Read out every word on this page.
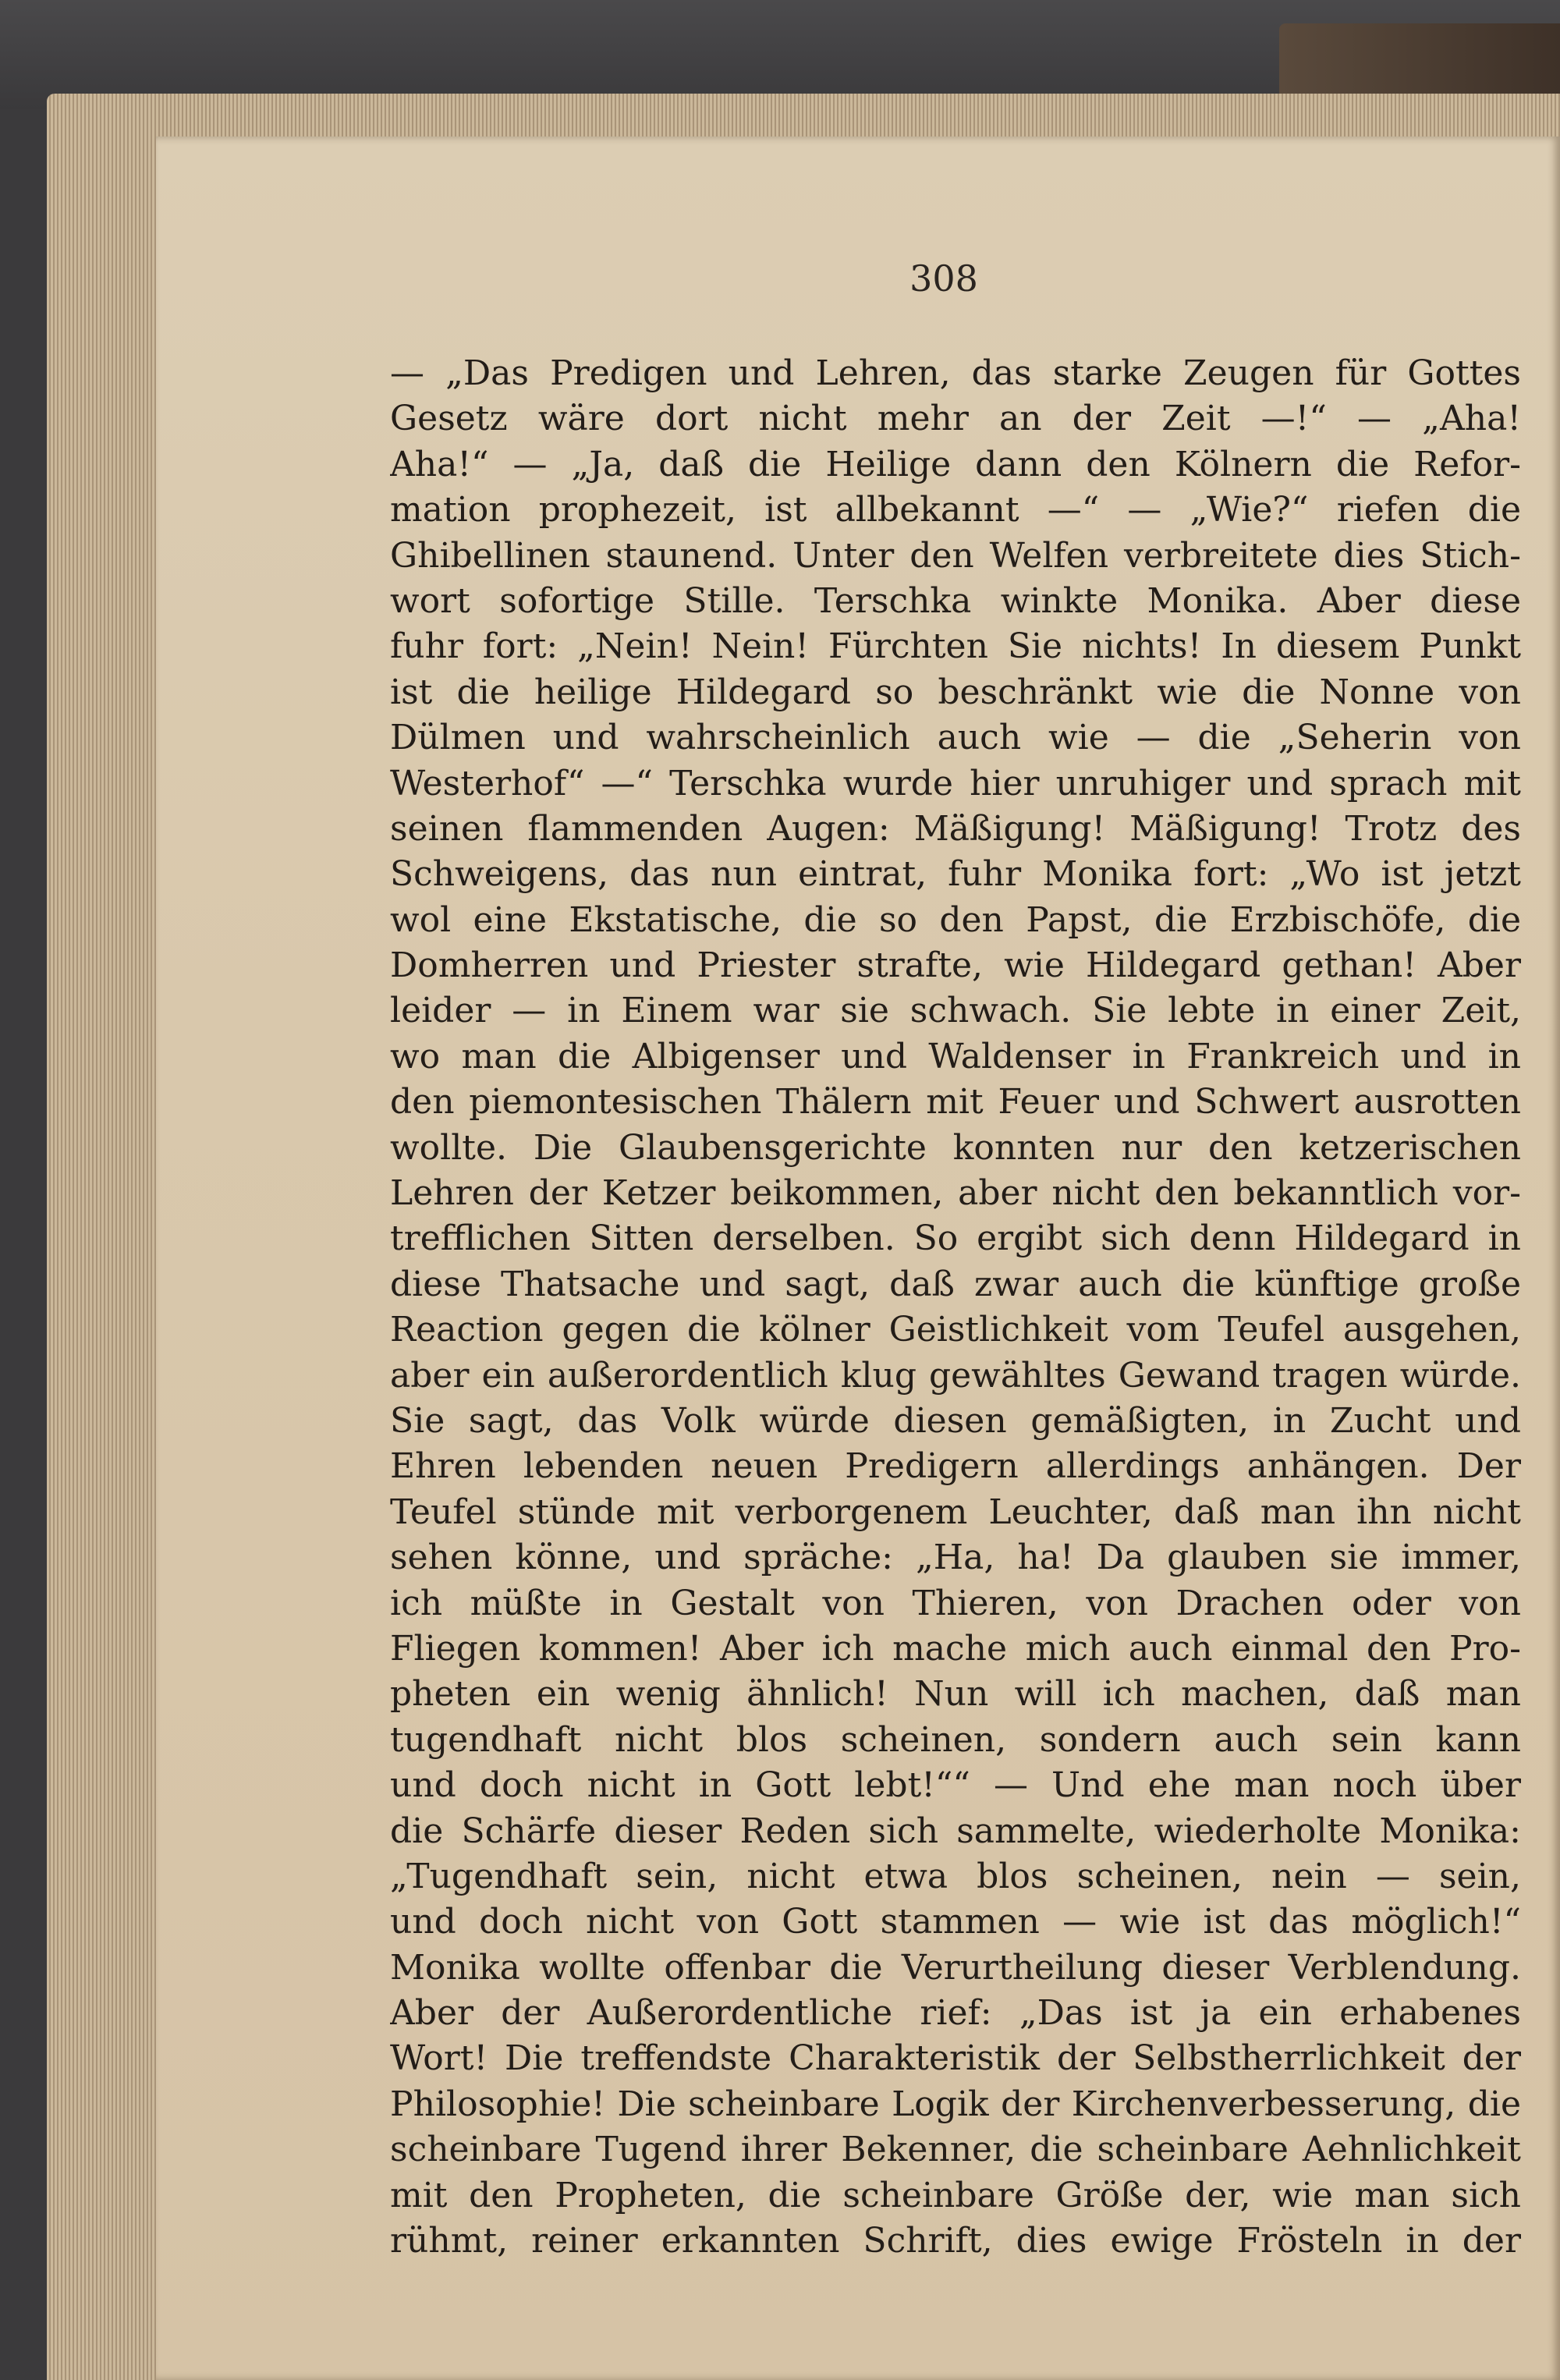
308
— „Das Predigen und Lehren, das starke Zeugen für Gottes
Gesetz wäre dort nicht mehr an der Zeit —!“ — „Aha!
Aha!“ — „Ja, daß die Heilige dann den Kölnern die Refor-
mation prophezeit, ist allbekannt —“ — „Wie?“ riefen die
Ghibellinen staunend. Unter den Welfen verbreitete dies Stich-
wort sofortige Stille. Terschka winkte Monika. Aber diese
fuhr fort: „Nein! Nein! Fürchten Sie nichts! In diesem Punkt
ist die heilige Hildegard so beschränkt wie die Nonne von
Dülmen und wahrscheinlich auch wie — die „Seherin von
Westerhof“ —“ Terschka wurde hier unruhiger und sprach mit
seinen flammenden Augen: Mäßigung! Mäßigung! Trotz des
Schweigens, das nun eintrat, fuhr Monika fort: „Wo ist jetzt
wol eine Ekstatische, die so den Papst, die Erzbischöfe, die
Domherren und Priester strafte, wie Hildegard gethan! Aber
leider — in Einem war sie schwach. Sie lebte in einer Zeit,
wo man die Albigenser und Waldenser in Frankreich und in
den piemontesischen Thälern mit Feuer und Schwert ausrotten
wollte. Die Glaubensgerichte konnten nur den ketzerischen
Lehren der Ketzer beikommen, aber nicht den bekanntlich vor-
trefflichen Sitten derselben. So ergibt sich denn Hildegard in
diese Thatsache und sagt, daß zwar auch die künftige große
Reaction gegen die kölner Geistlichkeit vom Teufel ausgehen,
aber ein außerordentlich klug gewähltes Gewand tragen würde.
Sie sagt, das Volk würde diesen gemäßigten, in Zucht und
Ehren lebenden neuen Predigern allerdings anhängen. Der
Teufel stünde mit verborgenem Leuchter, daß man ihn nicht
sehen könne, und spräche: „Ha, ha! Da glauben sie immer,
ich müßte in Gestalt von Thieren, von Drachen oder von
Fliegen kommen! Aber ich mache mich auch einmal den Pro-
pheten ein wenig ähnlich! Nun will ich machen, daß man
tugendhaft nicht blos scheinen, sondern auch sein kann
und doch nicht in Gott lebt!““ — Und ehe man noch über
die Schärfe dieser Reden sich sammelte, wiederholte Monika:
„Tugendhaft sein, nicht etwa blos scheinen, nein — sein,
und doch nicht von Gott stammen — wie ist das möglich!“
Monika wollte offenbar die Verurtheilung dieser Verblendung.
Aber der Außerordentliche rief: „Das ist ja ein erhabenes
Wort! Die treffendste Charakteristik der Selbstherrlichkeit der
Philosophie! Die scheinbare Logik der Kirchenverbesserung, die
scheinbare Tugend ihrer Bekenner, die scheinbare Aehnlichkeit
mit den Propheten, die scheinbare Größe der, wie man sich
rühmt, reiner erkannten Schrift, dies ewige Frösteln in der
